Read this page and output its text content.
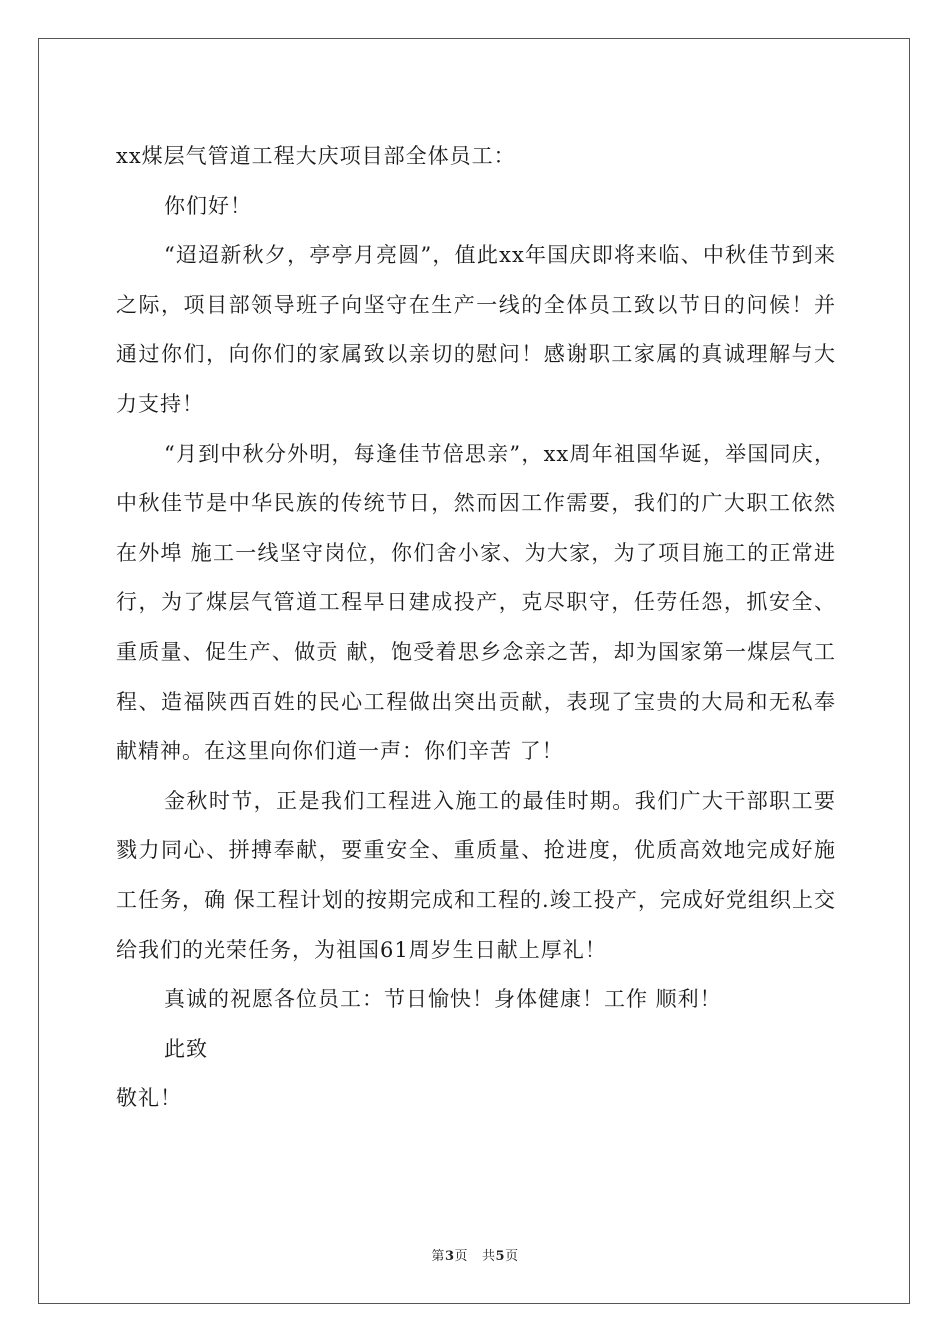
xx煤层气管道工程大庆项目部全体员工：

你们好！

“迢迢新秋夕，亭亭月亮圆”，值此xx年国庆即将来临、中秋佳节到来之际，项目部领导班子向坚守在生产一线的全体员工致以节日的问候！并通过你们，向你们的家属致以亲切的慰问！感谢职工家属的真诚理解与大力支持！

“月到中秋分外明，每逢佳节倍思亲”，xx周年祖国华诞，举国同庆，中秋佳节是中华民族的传统节日，然而因工作需要，我们的广大职工依然在外埠 施工一线坚守岗位，你们舍小家、为大家，为了项目施工的正常进行，为了煤层气管道工程早日建成投产，克尽职守，任劳任怨，抓安全、重质量、促生产、做贡 献，饱受着思乡念亲之苦，却为国家第一煤层气工程、造福陕西百姓的民心工程做出突出贡献，表现了宝贵的大局和无私奉献精神。在这里向你们道一声：你们辛苦 了！

金秋时节，正是我们工程进入施工的最佳时期。我们广大干部职工要戮力同心、拼搏奉献，要重安全、重质量、抢进度，优质高效地完成好施工任务，确 保工程计划的按期完成和工程的.竣工投产，完成好党组织上交给我们的光荣任务，为祖国61周岁生日献上厚礼！

真诚的祝愿各位员工：节日愉快！身体健康！工作 顺利！

此致

敬礼！

第3页 共5页
